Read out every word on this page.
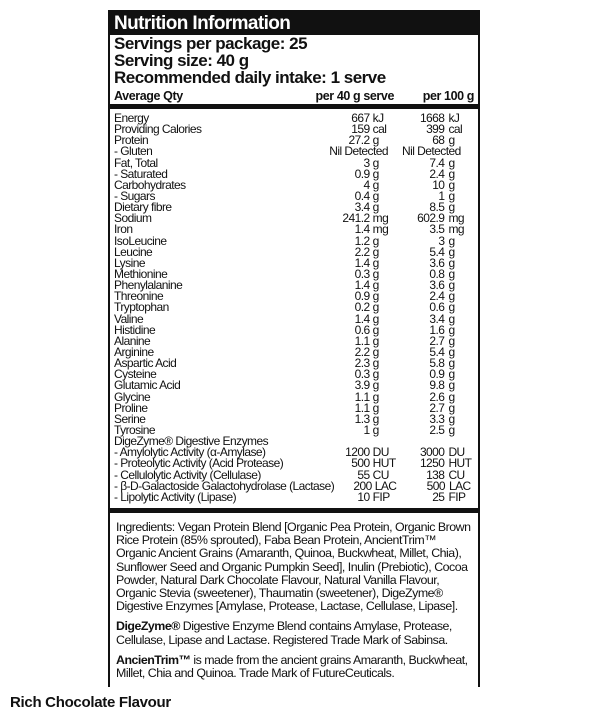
Nutrition Information
Servings per package: 25
Serving size: 40 g
Recommended daily intake: 1 serve
Average Qty	per 40 g serve	per 100 g
Energy	667 kJ	1668 kJ
Providing Calories	159 cal	399 cal
Protein	27.2 g	68 g
- Gluten	Nil Detected	Nil Detected
Fat, Total	3 g	7.4 g
- Saturated	0.9 g	2.4 g
Carbohydrates	4 g	10 g
- Sugars	0.4 g	1 g
Dietary fibre	3.4 g	8.5 g
Sodium	241.2 mg	602.9 mg
Iron	1.4 mg	3.5 mg
IsoLeucine	1.2 g	3 g
Leucine	2.2 g	5.4 g
Lysine	1.4 g	3.6 g
Methionine	0.3 g	0.8 g
Phenylalanine	1.4 g	3.6 g
Threonine	0.9 g	2.4 g
Tryptophan	0.2 g	0.6 g
Valine	1.4 g	3.4 g
Histidine	0.6 g	1.6 g
Alanine	1.1 g	2.7 g
Arginine	2.2 g	5.4 g
Aspartic Acid	2.3 g	5.8 g
Cysteine	0.3 g	0.9 g
Glutamic Acid	3.9 g	9.8 g
Glycine	1.1 g	2.6 g
Proline	1.1 g	2.7 g
Serine	1.3 g	3.3 g
Tyrosine	1 g	2.5 g
DigeZyme® Digestive Enzymes
- Amylolytic Activity (α-Amylase)	1200 DU	3000 DU
- Proteolytic Activity (Acid Protease)	500 HUT	1250 HUT
- Cellulolytic Activity (Cellulase)	55 CU	138 CU
- β-D-Galactoside Galactohydrolase (Lactase)	200 LAC	500 LAC
- Lipolytic Activity (Lipase)	10 FIP	25 FIP

Ingredients: Vegan Protein Blend [Organic Pea Protein, Organic Brown Rice Protein (85% sprouted), Faba Bean Protein, AncientTrim™ Organic Ancient Grains (Amaranth, Quinoa, Buckwheat, Millet, Chia), Sunflower Seed and Organic Pumpkin Seed], Inulin (Prebiotic), Cocoa Powder, Natural Dark Chocolate Flavour, Natural Vanilla Flavour, Organic Stevia (sweetener), Thaumatin (sweetener), DigeZyme® Digestive Enzymes [Amylase, Protease, Lactase, Cellulase, Lipase].

DigeZyme® Digestive Enzyme Blend contains Amylase, Protease, Cellulase, Lipase and Lactase. Registered Trade Mark of Sabinsa.

AncienTrim™ is made from the ancient grains Amaranth, Buckwheat, Millet, Chia and Quinoa. Trade Mark of FutureCeuticals.

Rich Chocolate Flavour
